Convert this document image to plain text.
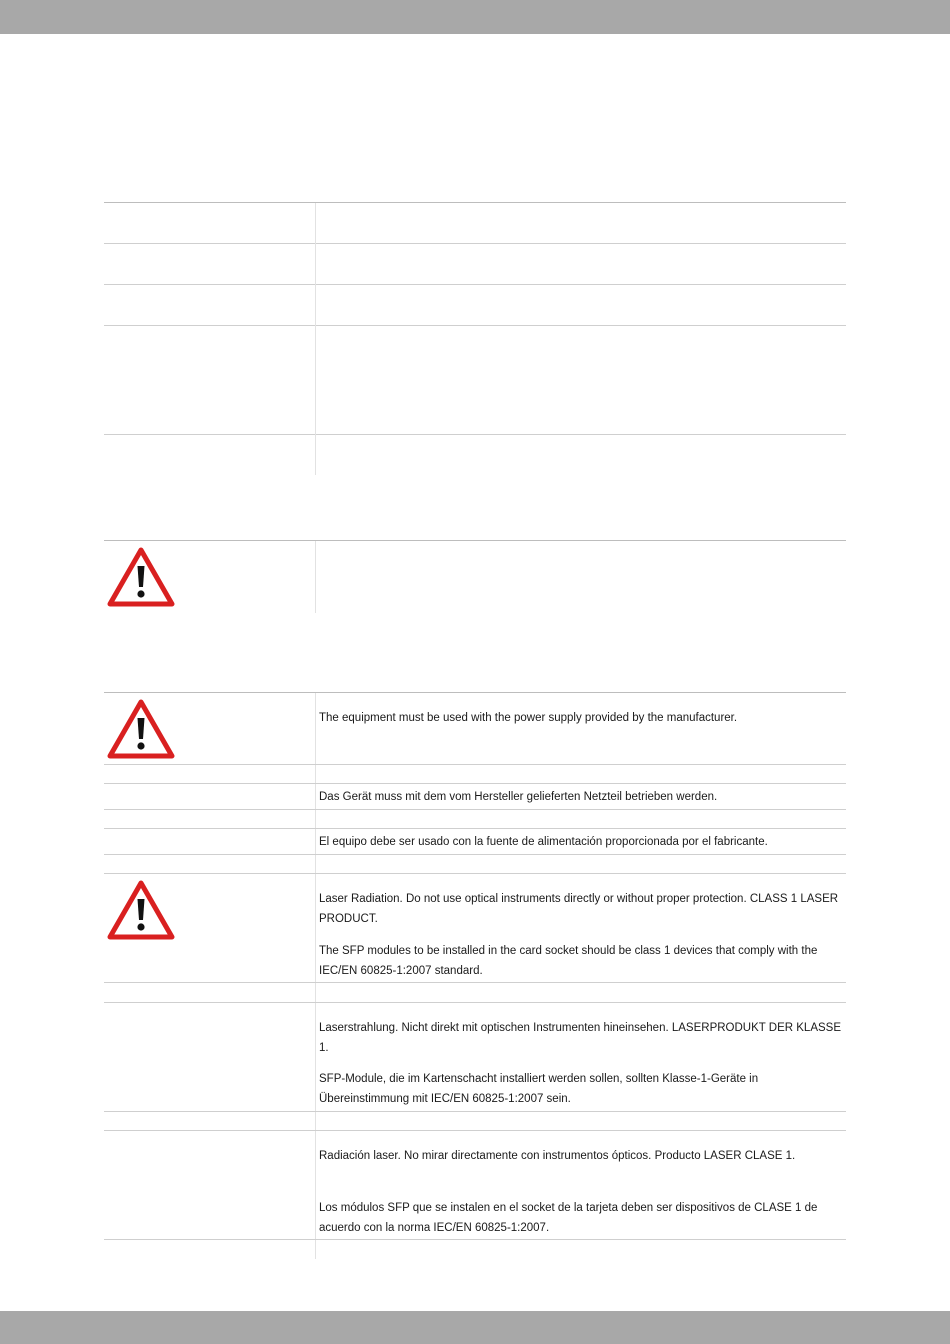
The equipment must be used with the power supply provided by the manufacturer.

Das Gerät muss mit dem vom Hersteller gelieferten Netzteil betrieben werden.

El equipo debe ser usado con la fuente de alimentación proporcionada por el fabricante.

Laser Radiation. Do not use optical instruments directly or without proper protection. CLASS 1 LASER PRODUCT.

The SFP modules to be installed in the card socket should be class 1 devices that comply with the IEC/EN 60825-1:2007 standard.

Laserstrahlung. Nicht direkt mit optischen Instrumenten hineinsehen. LASERPRODUKT DER KLASSE 1.

SFP-Module, die im Kartenschacht installiert werden sollen, sollten Klasse-1-Geräte in Übereinstimmung mit IEC/EN 60825-1:2007 sein.

Radiación laser. No mirar directamente con instrumentos ópticos. Producto LASER CLASE 1.

Los módulos SFP que se instalen en el socket de la tarjeta deben ser dispositivos de CLASE 1 de acuerdo con la norma IEC/EN 60825-1:2007.
